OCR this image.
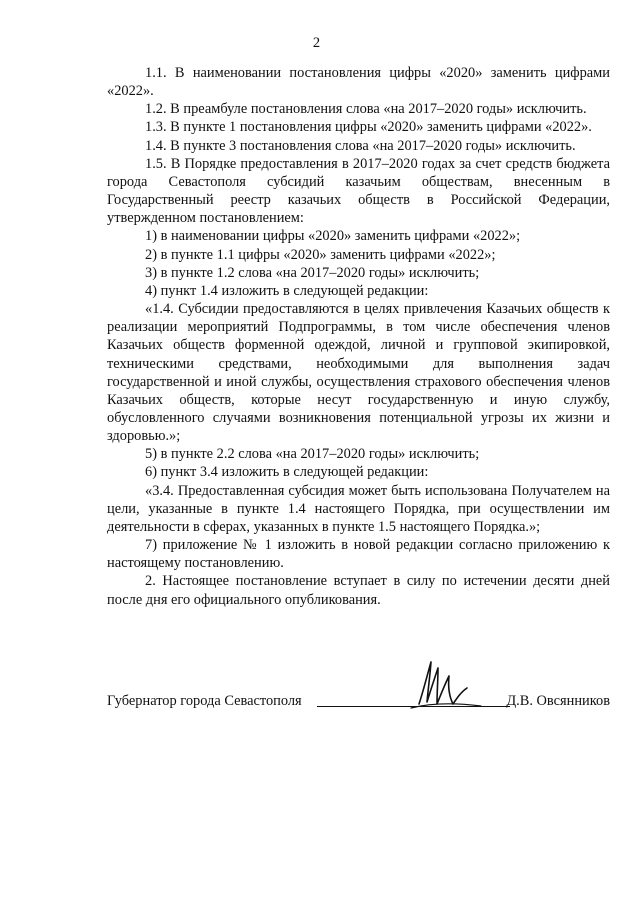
2

1.1. В наименовании постановления цифры «2020» заменить цифрами «2022».

1.2. В преамбуле постановления слова «на 2017–2020 годы» исключить.

1.3. В пункте 1 постановления цифры «2020» заменить цифрами «2022».

1.4. В пункте 3 постановления слова «на 2017–2020 годы» исключить.

1.5. В Порядке предоставления в 2017–2020 годах за счет средств бюджета города Севастополя субсидий казачьим обществам, внесенным в Государственный реестр казачьих обществ в Российской Федерации, утвержденном постановлением:

1) в наименовании цифры «2020» заменить цифрами «2022»;

2) в пункте 1.1 цифры «2020» заменить цифрами «2022»;

3) в пункте 1.2 слова «на 2017–2020 годы» исключить;

4) пункт 1.4 изложить в следующей редакции:

«1.4. Субсидии предоставляются в целях привлечения Казачьих обществ к реализации мероприятий Подпрограммы, в том числе обеспечения членов Казачьих обществ форменной одеждой, личной и групповой экипировкой, техническими средствами, необходимыми для выполнения задач государственной и иной службы, осуществления страхового обеспечения членов Казачьих обществ, которые несут государственную и иную службу, обусловленного случаями возникновения потенциальной угрозы их жизни и здоровью.»;

5) в пункте 2.2 слова «на 2017–2020 годы» исключить;

6) пункт 3.4 изложить в следующей редакции:

«3.4. Предоставленная субсидия может быть использована Получателем на цели, указанные в пункте 1.4 настоящего Порядка, при осуществлении им деятельности в сферах, указанных в пункте 1.5 настоящего Порядка.»;

7) приложение № 1 изложить в новой редакции согласно приложению к настоящему постановлению.

2. Настоящее постановление вступает в силу по истечении десяти дней после дня его официального опубликования.

Губернатор города Севастополя	Д.В. Овсянников
